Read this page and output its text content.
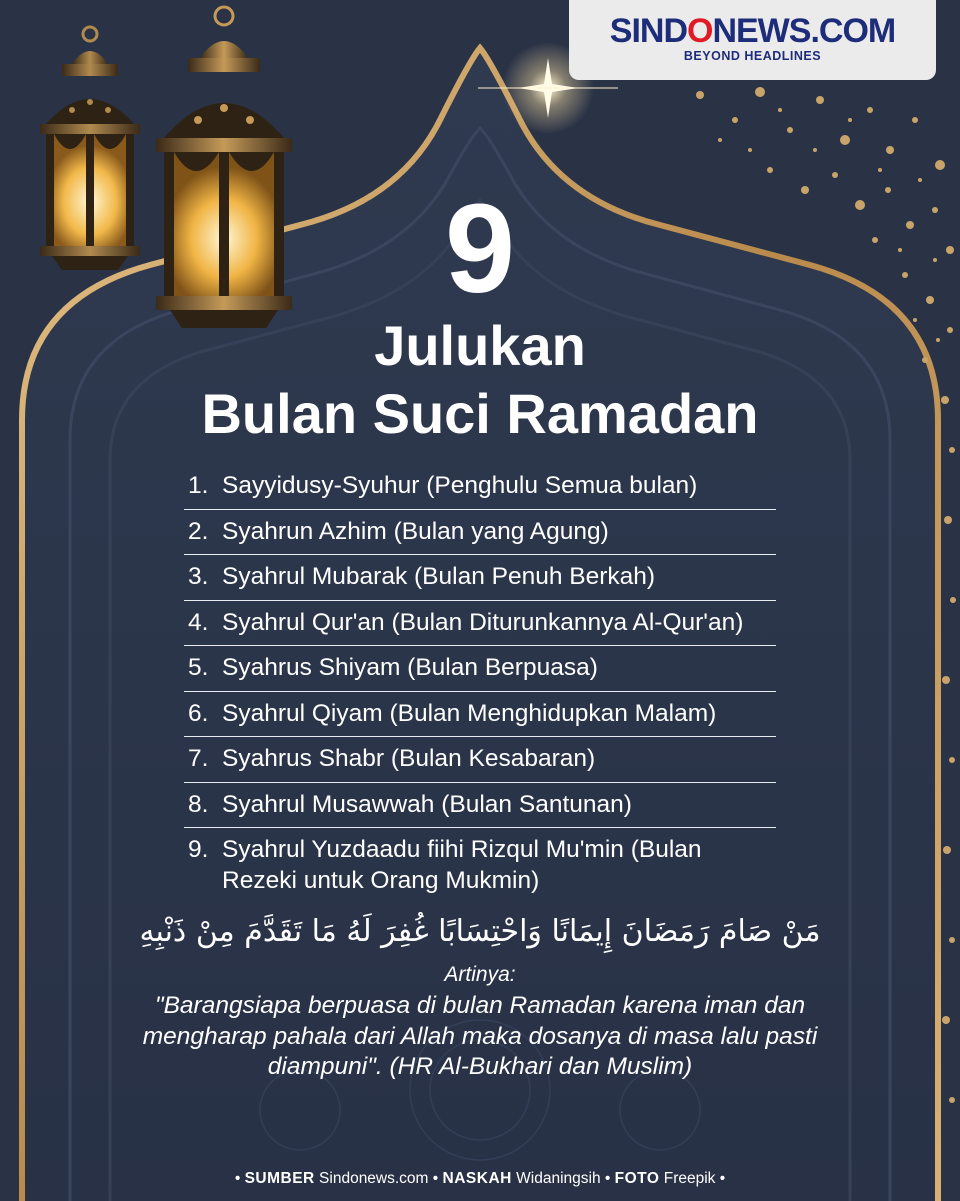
SINDONEWS.COM
BEYOND HEADLINES
9
Julukan
Bulan Suci Ramadan
1. Sayyidusy-Syuhur (Penghulu Semua bulan)
2. Syahrun Azhim (Bulan yang Agung)
3. Syahrul Mubarak (Bulan Penuh Berkah)
4. Syahrul Qur'an (Bulan Diturunkannya Al-Qur'an)
5. Syahrus Shiyam (Bulan Berpuasa)
6. Syahrul Qiyam (Bulan Menghidupkan Malam)
7. Syahrus Shabr (Bulan Kesabaran)
8. Syahrul Musawwah (Bulan Santunan)
9. Syahrul Yuzdaadu fiihi Rizqul Mu'min (Bulan Rezeki untuk Orang Mukmin)
مَنْ صَامَ رَمَضَانَ إِيمَانًا وَاحْتِسَابًا غُفِرَ لَهُ مَا تَقَدَّمَ مِنْ ذَنْبِهِ
Artinya:
"Barangsiapa berpuasa di bulan Ramadan karena iman dan mengharap pahala dari Allah maka dosanya di masa lalu pasti diampuni". (HR Al-Bukhari dan Muslim)
• SUMBER Sindonews.com • NASKAH Widaningsih • FOTO Freepik •
